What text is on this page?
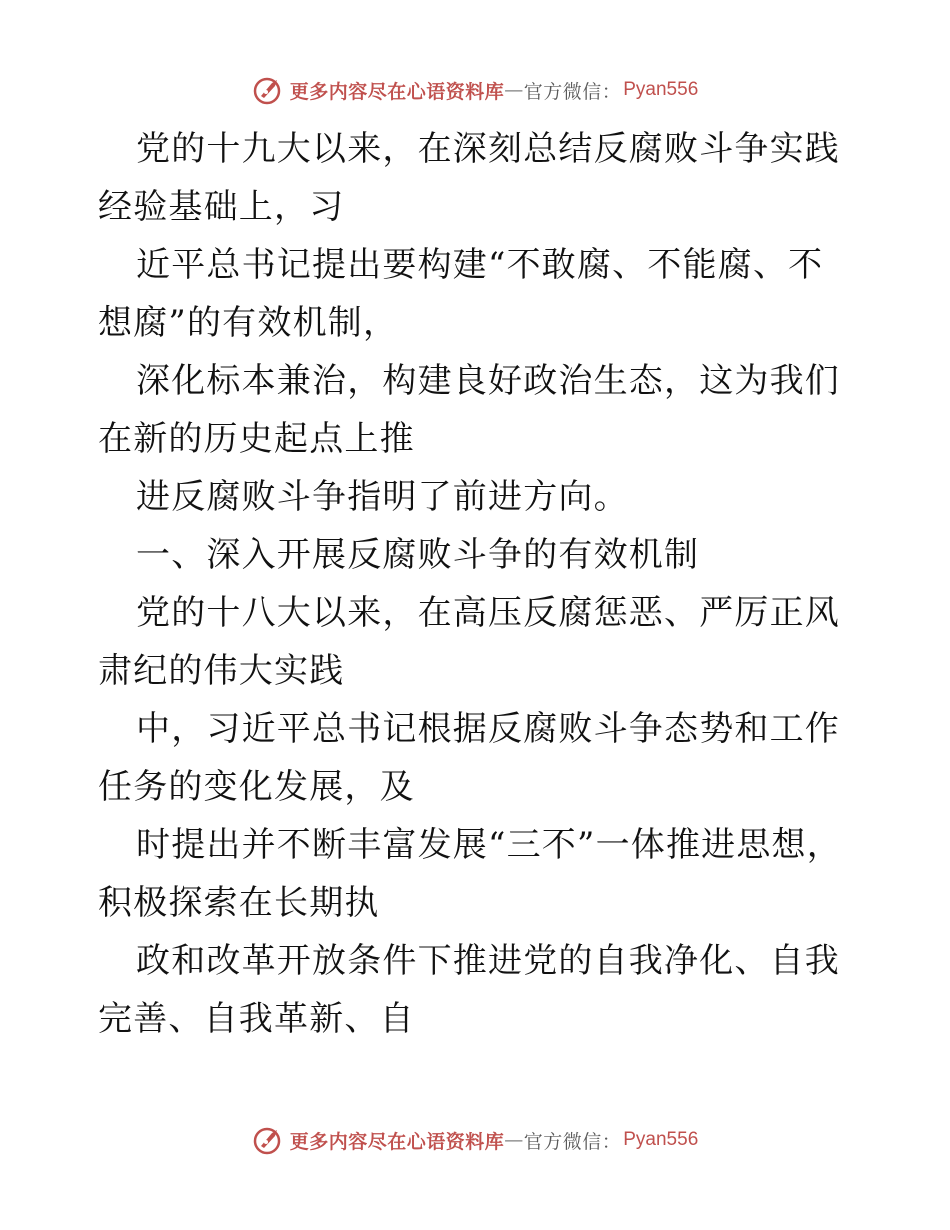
更多内容尽在心语资料库 — 官方微信： Pyan556

党的十九大以来，在深刻总结反腐败斗争实践经验基础上，习

近平总书记提出要构建“不敢腐、不能腐、不想腐”的有效机制，

深化标本兼治，构建良好政治生态，这为我们在新的历史起点上推

进反腐败斗争指明了前进方向。

一、深入开展反腐败斗争的有效机制

党的十八大以来，在高压反腐惩恶、严厉正风肃纪的伟大实践

中，习近平总书记根据反腐败斗争态势和工作任务的变化发展，及

时提出并不断丰富发展“三不”一体推进思想，积极探索在长期执

政和改革开放条件下推进党的自我净化、自我完善、自我革新、自

更多内容尽在心语资料库 — 官方微信： Pyan556
